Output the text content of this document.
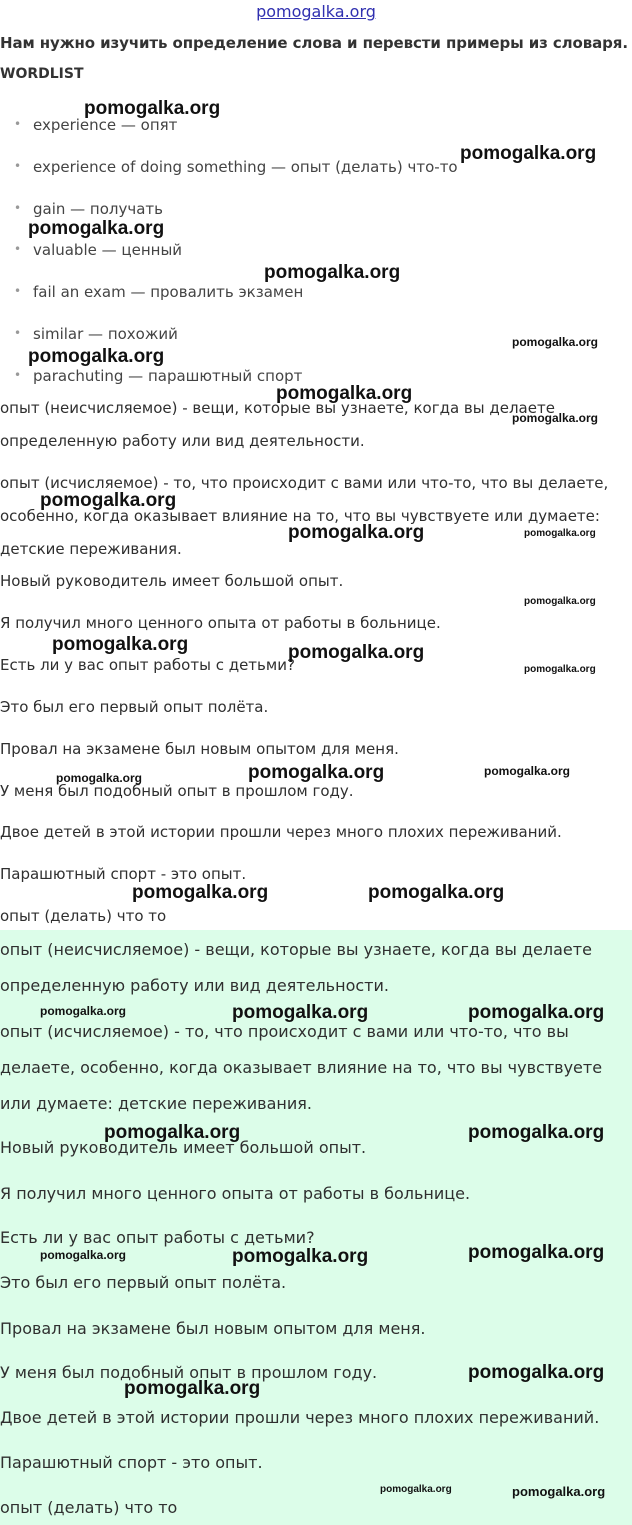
pomogalka.org
Нам нужно изучить определение слова и перевсти примеры из словаря.
WORDLIST
experience — опят
experience of doing something — опыт (делать) что-то
gain — получать
valuable — ценный
fail an exam — провалить экзамен
similar — похожий
parachuting — парашютный спорт
опыт (неисчисляемое) - вещи, которые вы узнаете, когда вы делаете
определенную работу или вид деятельности.
опыт (исчисляемое) - то, что происходит с вами или что-то, что вы делаете,
особенно, когда оказывает влияние на то, что вы чувствуете или думаете:
детские переживания.
Новый руководитель имеет большой опыт.
Я получил много ценного опыта от работы в больнице.
Есть ли у вас опыт работы с детьми?
Это был его первый опыт полёта.
Провал на экзамене был новым опытом для меня.
У меня был подобный опыт в прошлом году.
Двое детей в этой истории прошли через много плохих переживаний.
Парашютный спорт - это опыт.
опыт (делать) что то
опыт (неисчисляемое) - вещи, которые вы узнаете, когда вы делаете
определенную работу или вид деятельности.
опыт (исчисляемое) - то, что происходит с вами или что-то, что вы
делаете, особенно, когда оказывает влияние на то, что вы чувствуете
или думаете: детские переживания.
Новый руководитель имеет большой опыт.
Я получил много ценного опыта от работы в больнице.
Есть ли у вас опыт работы с детьми?
Это был его первый опыт полёта.
Провал на экзамене был новым опытом для меня.
У меня был подобный опыт в прошлом году.
Двое детей в этой истории прошли через много плохих переживаний.
Парашютный спорт - это опыт.
опыт (делать) что то
pomogalka.org
pomogalka.org
pomogalka.org
pomogalka.org
pomogalka.org
pomogalka.org
pomogalka.org
pomogalka.org
pomogalka.org
pomogalka.org	pomogalka.org
pomogalka.org
pomogalka.org	pomogalka.org
pomogalka.org
pomogalka.org	pomogalka.org
pomogalka.org
pomogalka.org	pomogalka.org
pomogalka.org	pomogalka.org	pomogalka.org
pomogalka.org	pomogalka.org
pomogalka.org	pomogalka.org	pomogalka.org
pomogalka.org
pomogalka.org
pomogalka.org	pomogalka.org
